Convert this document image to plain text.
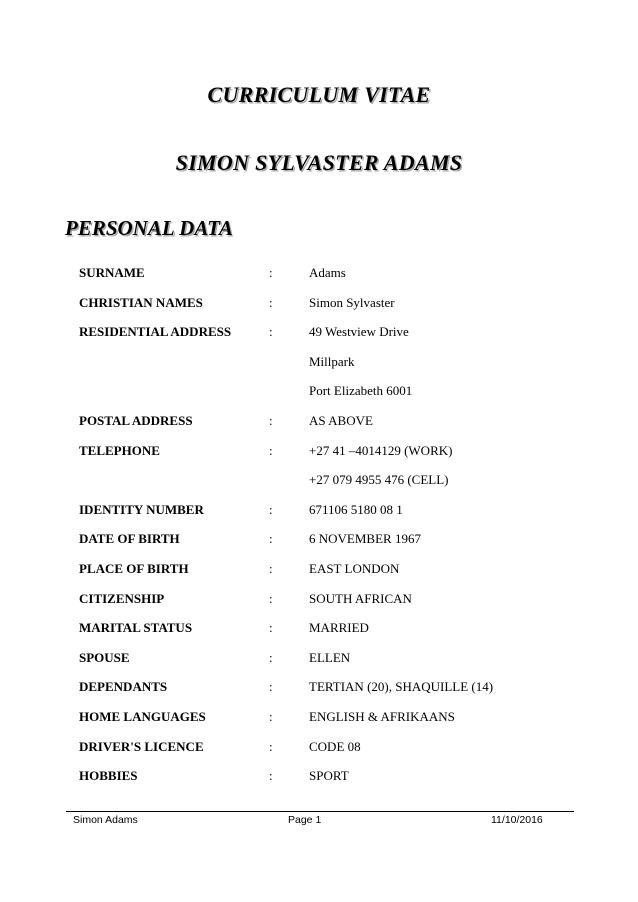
CURRICULUM VITAE
SIMON SYLVASTER ADAMS
PERSONAL DATA
SURNAME	:	Adams
CHRISTIAN NAMES	:	Simon Sylvaster
RESIDENTIAL ADDRESS	:	49 Westview Drive
Millpark
Port Elizabeth 6001
POSTAL ADDRESS	:	AS ABOVE
TELEPHONE	:	+27 41 –4014129 (WORK)
+27 079 4955 476 (CELL)
IDENTITY NUMBER	:	671106 5180 08 1
DATE OF BIRTH	:	6 NOVEMBER 1967
PLACE OF BIRTH	:	EAST LONDON
CITIZENSHIP	:	SOUTH AFRICAN
MARITAL STATUS	:	MARRIED
SPOUSE	:	ELLEN
DEPENDANTS	:	TERTIAN (20), SHAQUILLE (14)
HOME LANGUAGES	:	ENGLISH & AFRIKAANS
DRIVER'S LICENCE	:	CODE 08
HOBBIES	:	SPORT
Simon Adams	Page 1	11/10/2016
